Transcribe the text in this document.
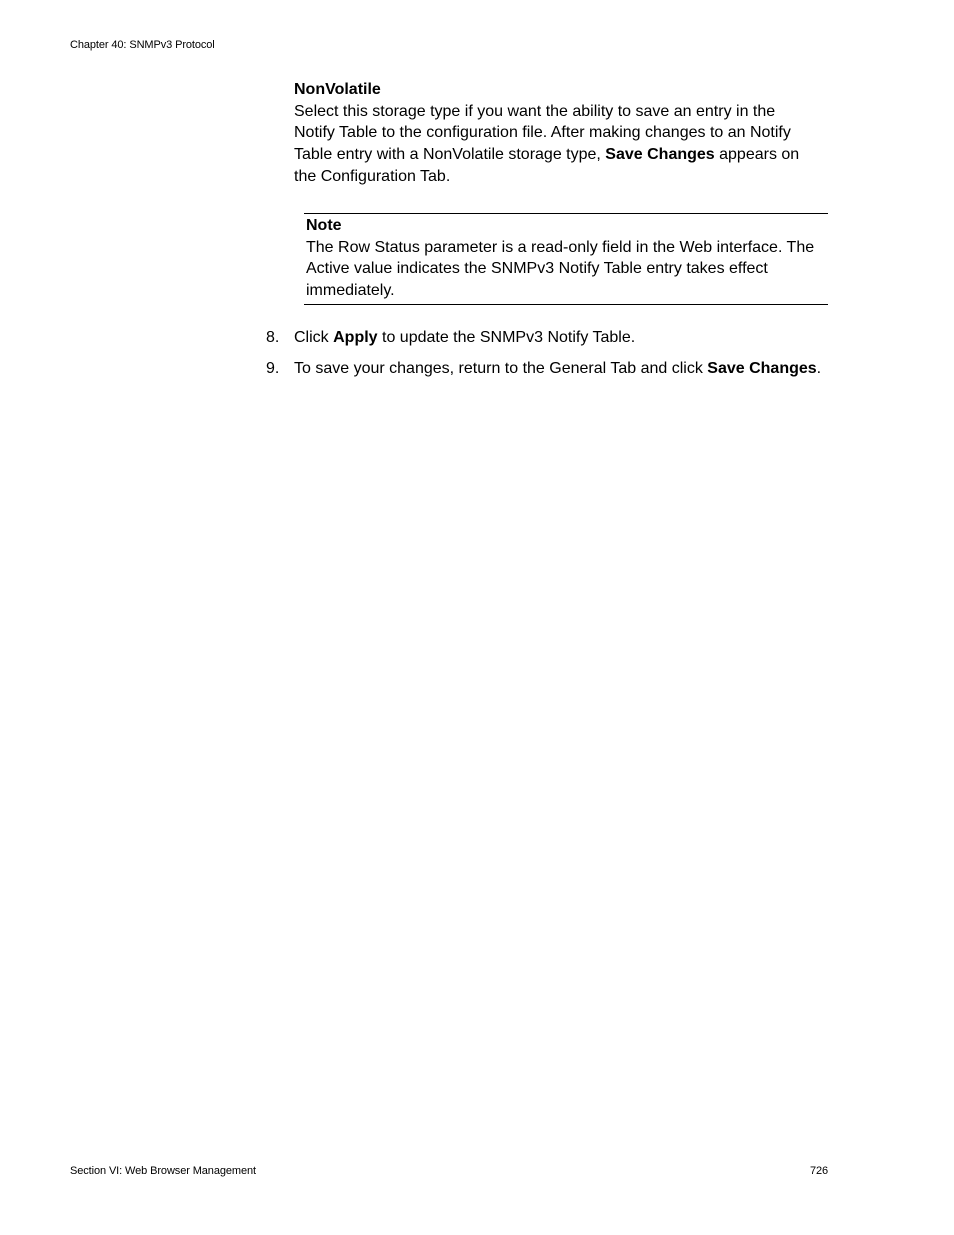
Chapter 40: SNMPv3 Protocol
NonVolatile
Select this storage type if you want the ability to save an entry in the Notify Table to the configuration file. After making changes to an Notify Table entry with a NonVolatile storage type, Save Changes appears on the Configuration Tab.
Note
The Row Status parameter is a read-only field in the Web interface. The Active value indicates the SNMPv3 Notify Table entry takes effect immediately.
8. Click Apply to update the SNMPv3 Notify Table.
9. To save your changes, return to the General Tab and click Save Changes.
Section VI: Web Browser Management	726
